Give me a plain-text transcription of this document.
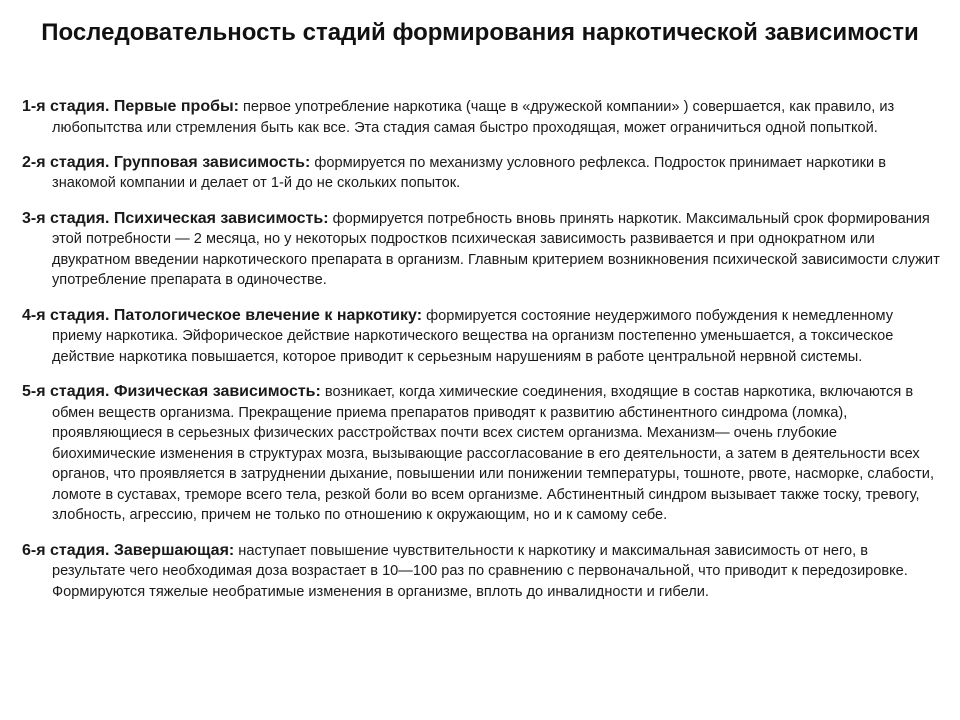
Последовательность стадий формирования наркотической зависимости

1-я стадия. Первые пробы: первое употребление наркотика (чаще в «дружеской компании» ) совершается, как правило, из любопытства или стремления быть как все. Эта стадия самая быстро проходящая, может ограничиться одной попыткой.

2-я стадия. Групповая зависимость: формируется по механизму условного рефлекса. Подросток принимает наркотики в знакомой компании и делает от 1-й до не скольких попыток.

3-я стадия. Психическая зависимость: формируется потребность вновь принять наркотик. Максимальный срок формирования этой потребности — 2 месяца, но у некоторых подростков психическая зависимость развивается и при однократном или двукратном введении наркотического препарата в организм. Главным критерием возникновения психической зависимости служит употребление препарата в одиночестве.

4-я стадия. Патологическое влечение к наркотику: формируется состояние неудержимого побуждения к немедленному приему наркотика. Эйфорическое действие наркотического вещества на организм постепенно уменьшается, а токсическое действие наркотика повышается, которое приводит к серьезным нарушениям в работе центральной нервной системы.

5-я стадия. Физическая зависимость: возникает, когда химические соединения, входящие в состав наркотика, включаются в обмен веществ организма. Прекращение приема препаратов приводят к развитию абстинентного синдрома (ломка), проявляющиеся в серьезных физических расстройствах почти всех систем организма. Механизм— очень глубокие биохимические изменения в структурах мозга, вызывающие рассогласование в его деятельности, а затем в деятельности всех органов, что проявляется в затруднении дыхание, повышении или понижении температуры, тошноте, рвоте, насморке, слабости, ломоте в суставах, треморе всего тела, резкой боли во всем организме. Абстинентный синдром вызывает также тоску, тревогу, злобность, агрессию, причем не только по отношению к окружающим, но и к самому себе.

6-я стадия. Завершающая: наступает повышение чувствительности к наркотику и максимальная зависимость от него, в результате чего необходимая доза возрастает в 10—100 раз по сравнению с первоначальной, что приводит к передозировке. Формируются тяжелые необратимые изменения в организме, вплоть до инвалидности и гибели.
